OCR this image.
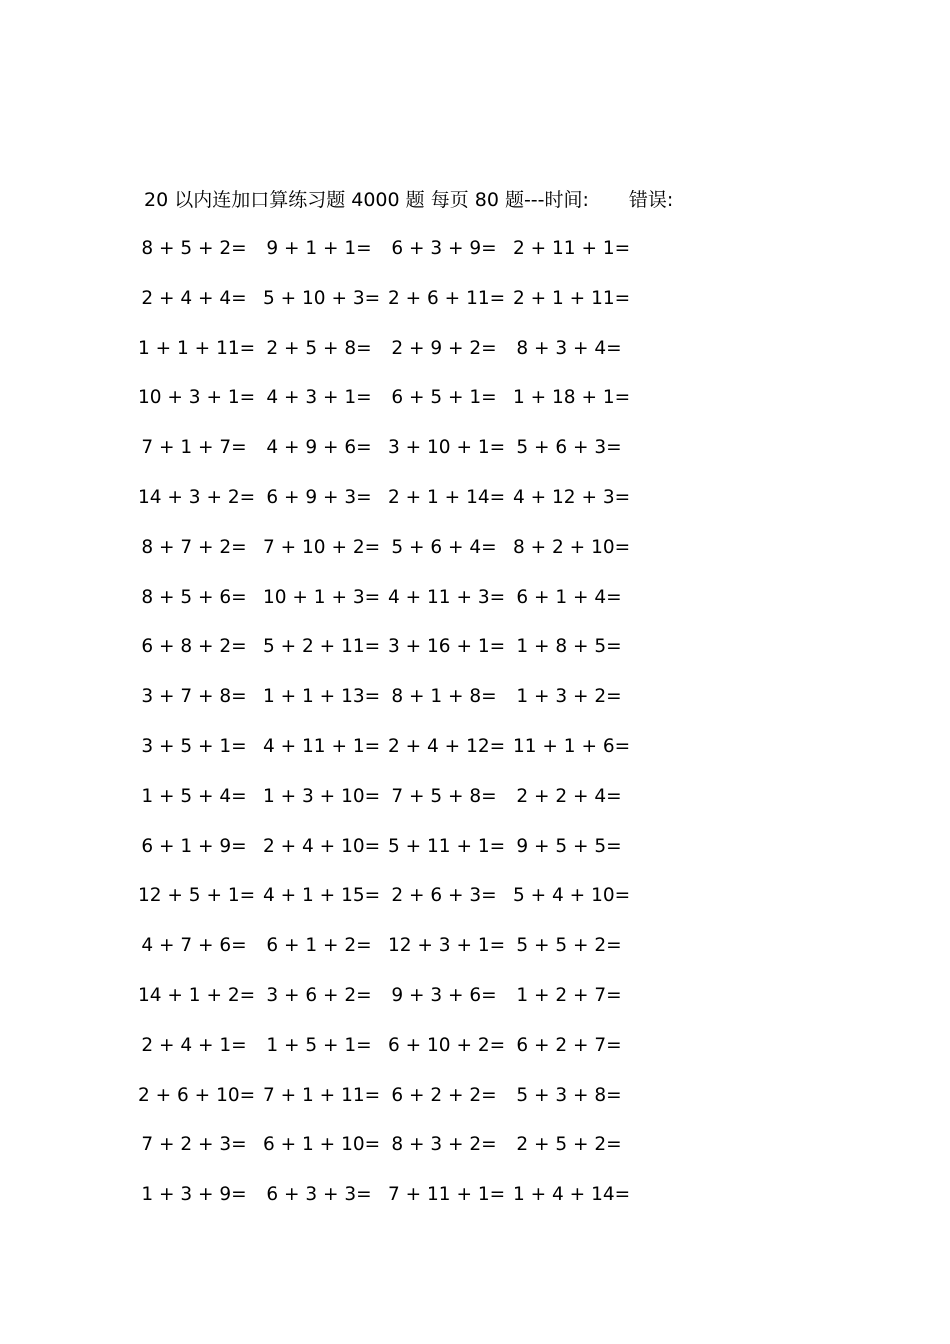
20 以内连加口算练习题 4000 题 每页 80 题---时间: 错误:
8 + 5 + 2= 9 + 1 + 1= 6 + 3 + 9= 2 + 11 + 1=
2 + 4 + 4= 5 + 10 + 3= 2 + 6 + 11= 2 + 1 + 11=
1 + 1 + 11= 2 + 5 + 8= 2 + 9 + 2= 8 + 3 + 4=
10 + 3 + 1= 4 + 3 + 1= 6 + 5 + 1= 1 + 18 + 1=
7 + 1 + 7= 4 + 9 + 6= 3 + 10 + 1= 5 + 6 + 3=
14 + 3 + 2= 6 + 9 + 3= 2 + 1 + 14= 4 + 12 + 3=
8 + 7 + 2= 7 + 10 + 2= 5 + 6 + 4= 8 + 2 + 10=
8 + 5 + 6= 10 + 1 + 3= 4 + 11 + 3= 6 + 1 + 4=
6 + 8 + 2= 5 + 2 + 11= 3 + 16 + 1= 1 + 8 + 5=
3 + 7 + 8= 1 + 1 + 13= 8 + 1 + 8= 1 + 3 + 2=
3 + 5 + 1= 4 + 11 + 1= 2 + 4 + 12= 11 + 1 + 6=
1 + 5 + 4= 1 + 3 + 10= 7 + 5 + 8= 2 + 2 + 4=
6 + 1 + 9= 2 + 4 + 10= 5 + 11 + 1= 9 + 5 + 5=
12 + 5 + 1= 4 + 1 + 15= 2 + 6 + 3= 5 + 4 + 10=
4 + 7 + 6= 6 + 1 + 2= 12 + 3 + 1= 5 + 5 + 2=
14 + 1 + 2= 3 + 6 + 2= 9 + 3 + 6= 1 + 2 + 7=
2 + 4 + 1= 1 + 5 + 1= 6 + 10 + 2= 6 + 2 + 7=
2 + 6 + 10= 7 + 1 + 11= 6 + 2 + 2= 5 + 3 + 8=
7 + 2 + 3= 6 + 1 + 10= 8 + 3 + 2= 2 + 5 + 2=
1 + 3 + 9= 6 + 3 + 3= 7 + 11 + 1= 1 + 4 + 14=
